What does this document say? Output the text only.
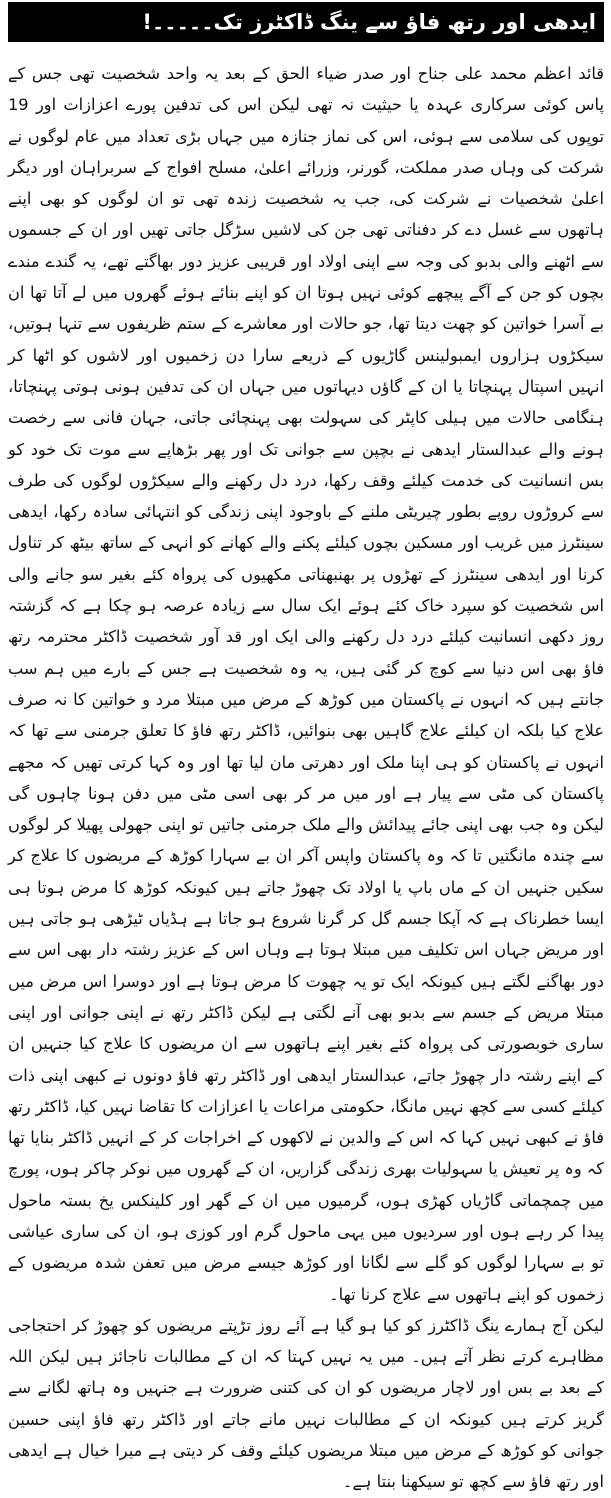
ایدھی اور رتھ فاؤ سے ینگ ڈاکٹرز تک۔۔۔۔۔!

قائد اعظم محمد علی جناح اور صدر ضیاء الحق کے بعد یہ واحد شخصیت تھی جس کے پاس کوئی سرکاری عہدہ یا حیثیت نہ تھی لیکن اس کی تدفین پورے اعزازات اور 19 توپوں کی سلامی سے ہوئی، اس کی نماز جنازہ میں جہاں بڑی تعداد میں عام لوگوں نے شرکت کی وہاں صدر مملکت، گورنر، وزرائے اعلیٰ، مسلح افواج کے سربراہان اور دیگر اعلیٰ شخصیات نے شرکت کی، جب یہ شخصیت زندہ تھی تو ان لوگوں کو بھی اپنے ہاتھوں سے غسل دے کر دفناتی تھی جن کی لاشیں سڑگل جاتی تھیں اور ان کے جسموں سے اٹھنے والی بدبو کی وجہ سے اپنی اولاد اور قریبی عزیز دور بھاگتے تھے، یہ گندے مندے بچوں کو جن کے آگے پیچھے کوئی نہیں ہوتا ان کو اپنے بنائے ہوئے گھروں میں لے آتا تھا ان بے آسرا خواتین کو چھت دیتا تھا، جو حالات اور معاشرے کے ستم ظریفوں سے تنہا ہوتیں، سیکڑوں ہزاروں ایمبولینس گاڑیوں کے ذریعے سارا دن زخمیوں اور لاشوں کو اٹھا کر انہیں اسپتال پہنچاتا یا ان کے گاؤں دیہاتوں میں جہاں ان کی تدفین ہونی ہوتی پہنچاتا، ہنگامی حالات میں ہیلی کاپٹر کی سہولت بھی پہنچائی جاتی، جہان فانی سے رخصت ہونے والے عبدالستار ایدھی نے بچپن سے جوانی تک اور پھر بڑھاپے سے موت تک خود کو بس انسانیت کی خدمت کیلئے وقف رکھا، درد دل رکھنے والے سیکڑوں لوگوں کی طرف سے کروڑوں روپے بطور چیریٹی ملنے کے باوجود اپنی زندگی کو انتہائی سادہ رکھا، ایدھی سینٹرز میں غریب اور مسکین بچوں کیلئے پکنے والے کھانے کو انہی کے ساتھ بیٹھ کر تناول کرنا اور ایدھی سینٹرز کے تھڑوں پر بھنبھناتی مکھیوں کی پرواہ کئے بغیر سو جانے والی اس شخصیت کو سپرد خاک کئے ہوئے ایک سال سے زیادہ عرصہ ہو چکا ہے کہ گزشتہ روز دکھی انسانیت کیلئے درد دل رکھنے والی ایک اور قد آور شخصیت ڈاکٹر محترمہ رتھ فاؤ بھی اس دنیا سے کوچ کر گئی ہیں، یہ وہ شخصیت ہے جس کے بارے میں ہم سب جانتے ہیں کہ انہوں نے پاکستان میں کوڑھ کے مرض میں مبتلا مرد و خواتین کا نہ صرف علاج کیا بلکہ ان کیلئے علاج گاہیں بھی بنوائیں، ڈاکٹر رتھ فاؤ کا تعلق جرمنی سے تھا کہ انہوں نے پاکستان کو ہی اپنا ملک اور دھرتی مان لیا تھا اور وہ کہا کرتی تھیں کہ مجھے پاکستان کی مٹی سے پیار ہے اور میں مر کر بھی اسی مٹی میں دفن ہونا چاہوں گی لیکن وہ جب بھی اپنی جائے پیدائش والے ملک جرمنی جاتیں تو اپنی جھولی پھیلا کر لوگوں سے چندہ مانگتیں تا کہ وہ پاکستان واپس آکر ان بے سہارا کوڑھ کے مریضوں کا علاج کر سکیں جنہیں ان کے ماں باپ یا اولاد تک چھوڑ جاتے ہیں کیونکہ کوڑھ کا مرض ہوتا ہی ایسا خطرناک ہے کہ آپکا جسم گل کر گرنا شروع ہو جاتا ہے ہڈیاں ٹیڑھی ہو جاتی ہیں اور مریض جہاں اس تکلیف میں مبتلا ہوتا ہے وہاں اس کے عزیز رشتہ دار بھی اس سے دور بھاگنے لگتے ہیں کیونکہ ایک تو یہ چھوت کا مرض ہوتا ہے اور دوسرا اس مرض میں مبتلا مریض کے جسم سے بدبو بھی آنے لگتی ہے لیکن ڈاکٹر رتھ نے اپنی جوانی اور اپنی ساری خوبصورتی کی پرواہ کئے بغیر اپنے ہاتھوں سے ان مریضوں کا علاج کیا جنہیں ان کے اپنے رشتہ دار چھوڑ جاتے، عبدالستار ایدھی اور ڈاکٹر رتھ فاؤ دونوں نے کبھی اپنی ذات کیلئے کسی سے کچھ نہیں مانگا، حکومتی مراعات یا اعزازات کا تقاضا نہیں کیا، ڈاکٹر رتھ فاؤ نے کبھی نہیں کہا کہ اس کے والدین نے لاکھوں کے اخراجات کر کے انہیں ڈاکٹر بنایا تھا کہ وہ پر تعیش یا سہولیات بھری زندگی گزاریں، ان کے گھروں میں نوکر چاکر ہوں، پورچ میں چمچماتی گاڑیاں کھڑی ہوں، گرمیوں میں ان کے گھر اور کلینکس یخ بستہ ماحول پیدا کر رہے ہوں اور سردیوں میں یہی ماحول گرم اور کوزی ہو، ان کی ساری عیاشی تو بے سہارا لوگوں کو گلے سے لگانا اور کوڑھ جیسے مرض میں تعفن شدہ مریضوں کے زخموں کو اپنے ہاتھوں سے علاج کرنا تھا۔

لیکن آج ہمارے ینگ ڈاکٹرز کو کیا ہو گیا ہے آئے روز تڑپتے مریضوں کو چھوڑ کر احتجاجی مظاہرے کرتے نظر آتے ہیں۔ میں یہ نہیں کہتا کہ ان کے مطالبات ناجائز ہیں لیکن اللہ کے بعد بے بس اور لاچار مریضوں کو ان کی کتنی ضرورت ہے جنہیں وہ ہاتھ لگانے سے گریز کرتے ہیں کیونکہ ان کے مطالبات نہیں مانے جاتے اور ڈاکٹر رتھ فاؤ اپنی حسین جوانی کو کوڑھ کے مرض میں مبتلا مریضوں کیلئے وقف کر دیتی ہے میرا خیال ہے ایدھی اور رتھ فاؤ سے کچھ تو سیکھنا بنتا ہے۔
